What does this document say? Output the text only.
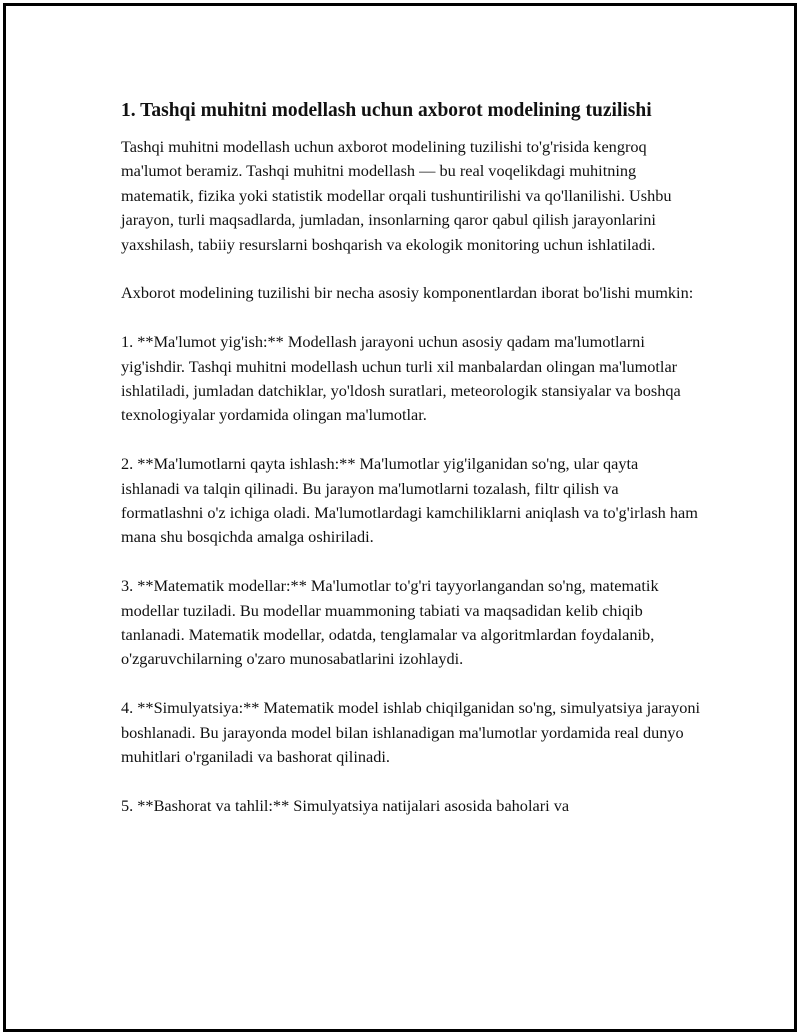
1. Tashqi muhitni modellash uchun axborot modelining tuzilishi

Tashqi muhitni modellash uchun axborot modelining tuzilishi to'g'risida kengroq ma'lumot beramiz. Tashqi muhitni modellash — bu real voqelikdagi muhitning matematik, fizika yoki statistik modellar orqali tushuntirilishi va qo'llanilishi. Ushbu jarayon, turli maqsadlarda, jumladan, insonlarning qaror qabul qilish jarayonlarini yaxshilash, tabiiy resurslarni boshqarish va ekologik monitoring uchun ishlatiladi.

Axborot modelining tuzilishi bir necha asosiy komponentlardan iborat bo'lishi mumkin:

1. **Ma'lumot yig'ish:** Modellash jarayoni uchun asosiy qadam ma'lumotlarni yig'ishdir. Tashqi muhitni modellash uchun turli xil manbalardan olingan ma'lumotlar ishlatiladi, jumladan datchiklar, yo'ldosh suratlari, meteorologik stansiyalar va boshqa texnologiyalar yordamida olingan ma'lumotlar.

2. **Ma'lumotlarni qayta ishlash:** Ma'lumotlar yig'ilganidan so'ng, ular qayta ishlanadi va talqin qilinadi. Bu jarayon ma'lumotlarni tozalash, filtr qilish va formatlashni o'z ichiga oladi. Ma'lumotlardagi kamchiliklarni aniqlash va to'g'irlash ham mana shu bosqichda amalga oshiriladi.

3. **Matematik modellar:** Ma'lumotlar to'g'ri tayyorlangandan so'ng, matematik modellar tuziladi. Bu modellar muammoning tabiati va maqsadidan kelib chiqib tanlanadi. Matematik modellar, odatda, tenglamalar va algoritmlardan foydalanib, o'zgaruvchilarning o'zaro munosabatlarini izohlaydi.

4. **Simulyatsiya:** Matematik model ishlab chiqilganidan so'ng, simulyatsiya jarayoni boshlanadi. Bu jarayonda model bilan ishlanadigan ma'lumotlar yordamida real dunyo muhitlari o'rganiladi va bashorat qilinadi.

5. **Bashorat va tahlil:** Simulyatsiya natijalari asosida baholari va
